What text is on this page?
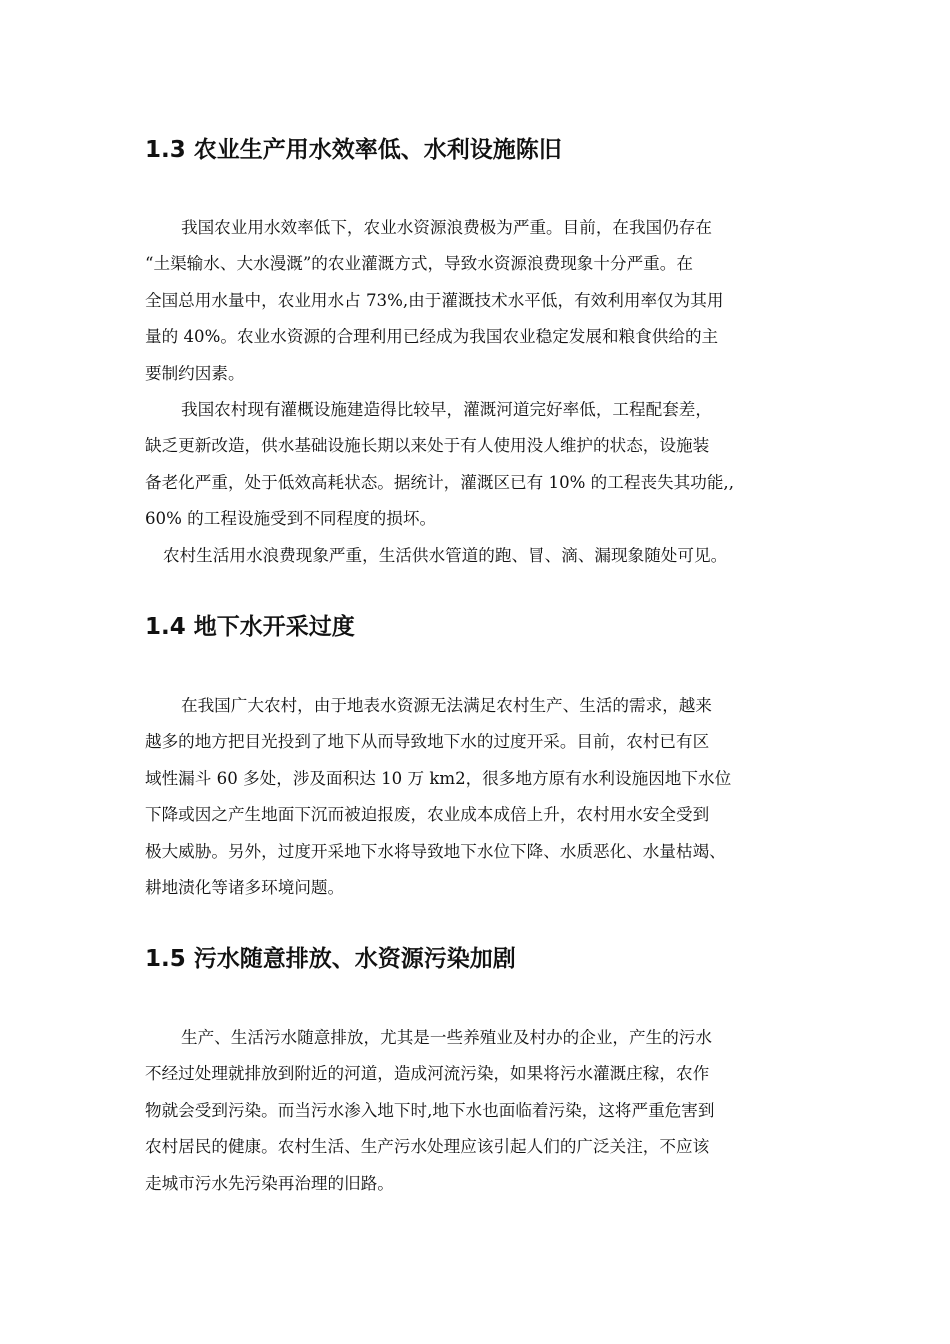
1.3 农业生产用水效率低、水利设施陈旧

我国农业用水效率低下，农业水资源浪费极为严重。目前，在我国仍存在
“土渠输水、大水漫溉”的农业灌溉方式，导致水资源浪费现象十分严重。在
全国总用水量中，农业用水占 73%,由于灌溉技术水平低，有效利用率仅为其用
量的 40%。农业水资源的合理利用已经成为我国农业稳定发展和粮食供给的主
要制约因素。

我国农村现有灌概设施建造得比较早，灌溉河道完好率低，工程配套差，
缺乏更新改造，供水基础设施长期以来处于有人使用没人维护的状态，设施装
备老化严重，处于低效高耗状态。据统计，灌溉区已有 10% 的工程丧失其功能,,
60% 的工程设施受到不同程度的损坏。

农村生活用水浪费现象严重，生活供水管道的跑、冒、滴、漏现象随处可见。

1.4 地下水开采过度

在我国广大农村，由于地表水资源无法满足农村生产、生活的需求，越来
越多的地方把目光投到了地下从而导致地下水的过度开采。目前，农村已有区
域性漏斗 60 多处，涉及面积达 10 万 km2，很多地方原有水利设施因地下水位
下降或因之产生地面下沉而被迫报废，农业成本成倍上升，农村用水安全受到
极大威胁。另外，过度开采地下水将导致地下水位下降、水质恶化、水量枯竭、
耕地渍化等诸多环境问题。

1.5 污水随意排放、水资源污染加剧

生产、生活污水随意排放，尤其是一些养殖业及村办的企业，产生的污水
不经过处理就排放到附近的河道，造成河流污染，如果将污水灌溉庄稼，农作
物就会受到污染。而当污水渗入地下时,地下水也面临着污染，这将严重危害到
农村居民的健康。农村生活、生产污水处理应该引起人们的广泛关注，不应该
走城市污水先污染再治理的旧路。
